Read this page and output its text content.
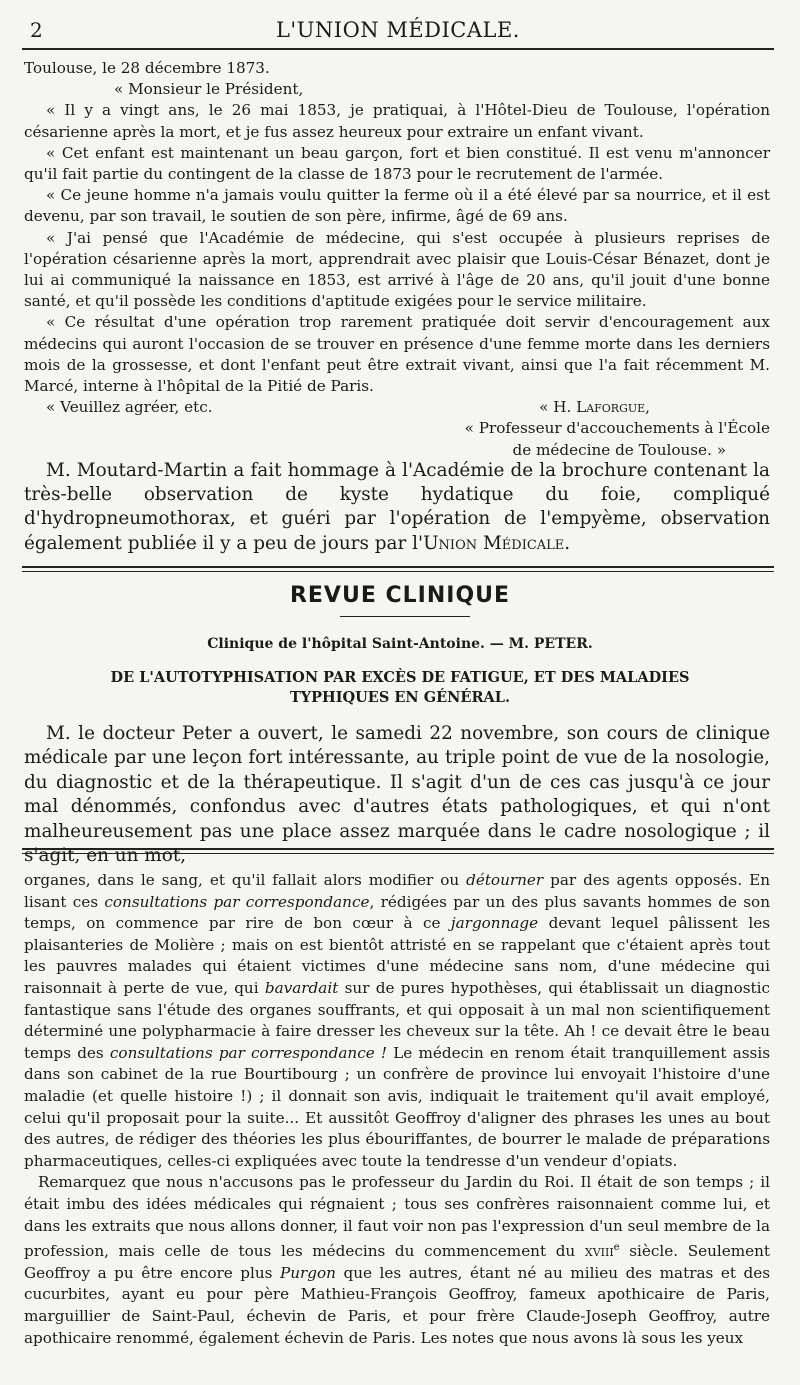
2	L'UNION MÉDICALE.

Toulouse, le 28 décembre 1873.

« Monsieur le Président,

« Il y a vingt ans, le 26 mai 1853, je pratiquai, à l'Hôtel-Dieu de Toulouse, l'opération césarienne après la mort, et je fus assez heureux pour extraire un enfant vivant.

« Cet enfant est maintenant un beau garçon, fort et bien constitué. Il est venu m'annoncer qu'il fait partie du contingent de la classe de 1873 pour le recrutement de l'armée.

« Ce jeune homme n'a jamais voulu quitter la ferme où il a été élevé par sa nourrice, et il est devenu, par son travail, le soutien de son père, infirme, âgé de 69 ans.

« J'ai pensé que l'Académie de médecine, qui s'est occupée à plusieurs reprises de l'opération césarienne après la mort, apprendrait avec plaisir que Louis-César Bénazet, dont je lui ai communiqué la naissance en 1853, est arrivé à l'âge de 20 ans, qu'il jouit d'une bonne santé, et qu'il possède les conditions d'aptitude exigées pour le service militaire.

« Ce résultat d'une opération trop rarement pratiquée doit servir d'encouragement aux médecins qui auront l'occasion de se trouver en présence d'une femme morte dans les derniers mois de la grossesse, et dont l'enfant peut être extrait vivant, ainsi que l'a fait récemment M. Marcé, interne à l'hôpital de la Pitié de Paris.

« Veuillez agréer, etc.	« H. Laforgue,

« Professeur d'accouchements à l'École

de médecine de Toulouse. »

M. Moutard-Martin a fait hommage à l'Académie de la brochure contenant la très-belle observation de kyste hydatique du foie, compliqué d'hydropneumothorax, et guéri par l'opération de l'empyème, observation également publiée il y a peu de jours par l'Union Médicale.

REVUE CLINIQUE
Clinique de l'hôpital Saint-Antoine. — M. PETER.
DE L'AUTOTYPHISATION PAR EXCÈS DE FATIGUE, ET DES MALADIES TYPHIQUES EN GÉNÉRAL.

M. le docteur Peter a ouvert, le samedi 22 novembre, son cours de clinique médicale par une leçon fort intéressante, au triple point de vue de la nosologie, du diagnostic et de la thérapeutique. Il s'agit d'un de ces cas jusqu'à ce jour mal dénommés, confondus avec d'autres états pathologiques, et qui n'ont malheureusement pas une place assez marquée dans le cadre nosologique ; il s'agit, en un mot,

organes, dans le sang, et qu'il fallait alors modifier ou détourner par des agents opposés. En lisant ces consultations par correspondance, rédigées par un des plus savants hommes de son temps, on commence par rire de bon cœur à ce jargonnage devant lequel pâlissent les plaisanteries de Molière ; mais on est bientôt attristé en se rappelant que c'étaient après tout les pauvres malades qui étaient victimes d'une médecine sans nom, d'une médecine qui raisonnait à perte de vue, qui bavardait sur de pures hypothèses, qui établissait un diagnostic fantastique sans l'étude des organes souffrants, et qui opposait à un mal non scientifiquement déterminé une polypharmacie à faire dresser les cheveux sur la tête. Ah ! ce devait être le beau temps des consultations par correspondance ! Le médecin en renom était tranquillement assis dans son cabinet de la rue Bourtibourg ; un confrère de province lui envoyait l'histoire d'une maladie (et quelle histoire !) ; il donnait son avis, indiquait le traitement qu'il avait employé, celui qu'il proposait pour la suite... Et aussitôt Geoffroy d'aligner des phrases les unes au bout des autres, de rédiger des théories les plus ébouriffantes, de bourrer le malade de préparations pharmaceutiques, celles-ci expliquées avec toute la tendresse d'un vendeur d'opiats.

Remarquez que nous n'accusons pas le professeur du Jardin du Roi. Il était de son temps ; il était imbu des idées médicales qui régnaient ; tous ses confrères raisonnaient comme lui, et dans les extraits que nous allons donner, il faut voir non pas l'expression d'un seul membre de la profession, mais celle de tous les médecins du commencement du xviii$^e$ siècle. Seulement Geoffroy a pu être encore plus Purgon que les autres, étant né au milieu des matras et des cucurbites, ayant eu pour père Mathieu-François Geoffroy, fameux apothicaire de Paris, marguillier de Saint-Paul, échevin de Paris, et pour frère Claude-Joseph Geoffroy, autre apothicaire renommé, également échevin de Paris. Les notes que nous avons là sous les yeux
